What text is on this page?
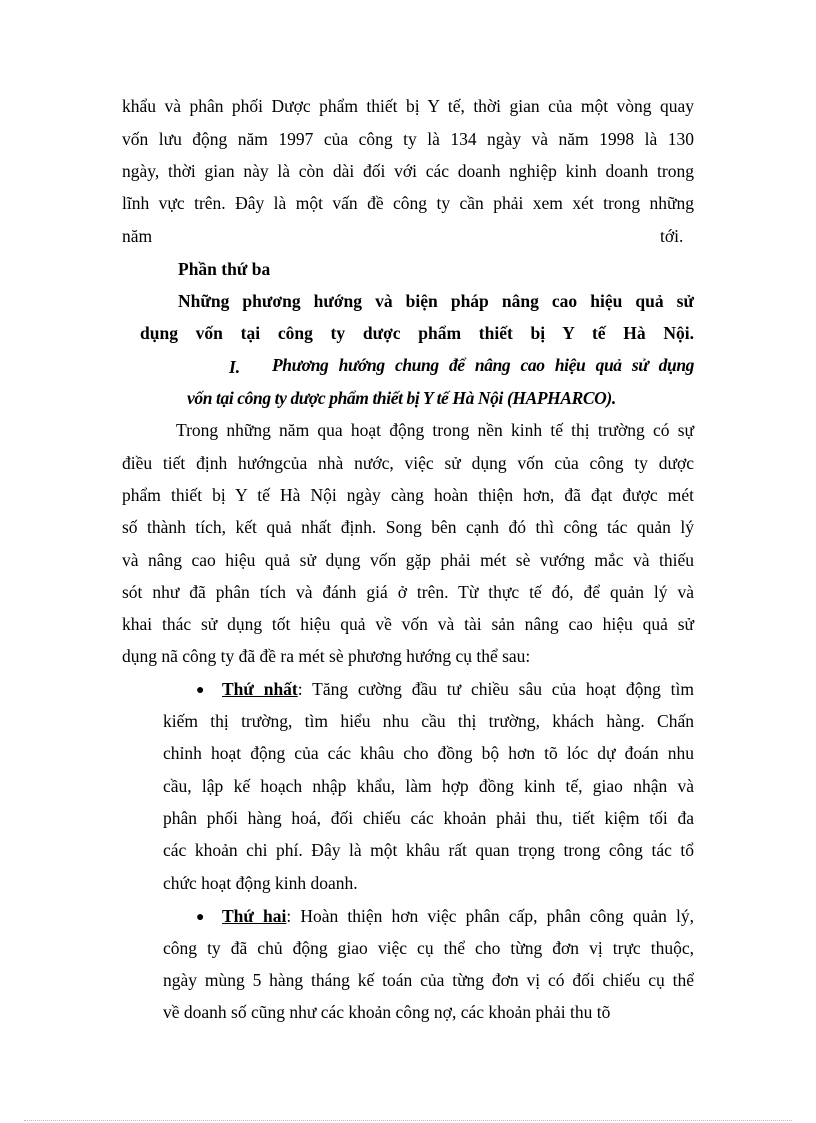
khẩu và phân phối Dược phẩm thiết bị Y tế, thời gian của một vòng quay
vốn lưu động năm 1997 của công ty là 134 ngày và năm 1998 là 130
ngày, thời gian này là còn dài đối với các doanh nghiệp kinh doanh trong
lĩnh vực trên. Đây là một vấn đề công ty cần phải xem xét trong những
năm	tới.
Phần thứ ba
Những phương hướng và biện pháp nâng cao hiệu quả sử
dụng vốn tại công ty dược phẩm thiết bị Y tế Hà Nội.
I. Phương hướng chung để nâng cao hiệu quả sử dụng
vốn tại công ty dược phẩm thiết bị Y tế Hà Nội (HAPHARCO).
Trong những năm qua hoạt động trong nền kinh tế thị trường có sự
điều tiết định hướngcủa nhà nước, việc sử dụng vốn của công ty dược
phẩm thiết bị Y tế Hà Nội ngày càng hoàn thiện hơn, đã đạt được mét
số thành tích, kết quả nhất định. Song bên cạnh đó thì công tác quản lý
và nâng cao hiệu quả sử dụng vốn gặp phải mét sè vướng mắc và thiếu
sót như đã phân tích và đánh giá ở trên. Từ thực tế đó, để quản lý và
khai thác sử dụng tốt hiệu quả về vốn và tài sản nâng cao hiệu quả sử
dụng nã công ty đã đề ra mét sè phương hướng cụ thể sau:
● Thứ nhất: Tăng cường đầu tư chiều sâu của hoạt động tìm
kiếm thị trường, tìm hiểu nhu cầu thị trường, khách hàng. Chấn
chỉnh hoạt động của các khâu cho đồng bộ hơn tõ lóc dự đoán nhu
cầu, lập kế hoạch nhập khẩu, làm hợp đồng kinh tế, giao nhận và
phân phối hàng hoá, đối chiếu các khoản phải thu, tiết kiệm tối đa
các khoản chi phí. Đây là một khâu rất quan trọng trong công tác tổ
chức hoạt động kinh doanh.
● Thứ hai: Hoàn thiện hơn việc phân cấp, phân công quản lý,
công ty đã chủ động giao việc cụ thể cho từng đơn vị trực thuộc,
ngày mùng 5 hàng tháng kế toán của từng đơn vị có đối chiếu cụ thể
về doanh số cũng như các khoản công nợ, các khoản phải thu tõ
